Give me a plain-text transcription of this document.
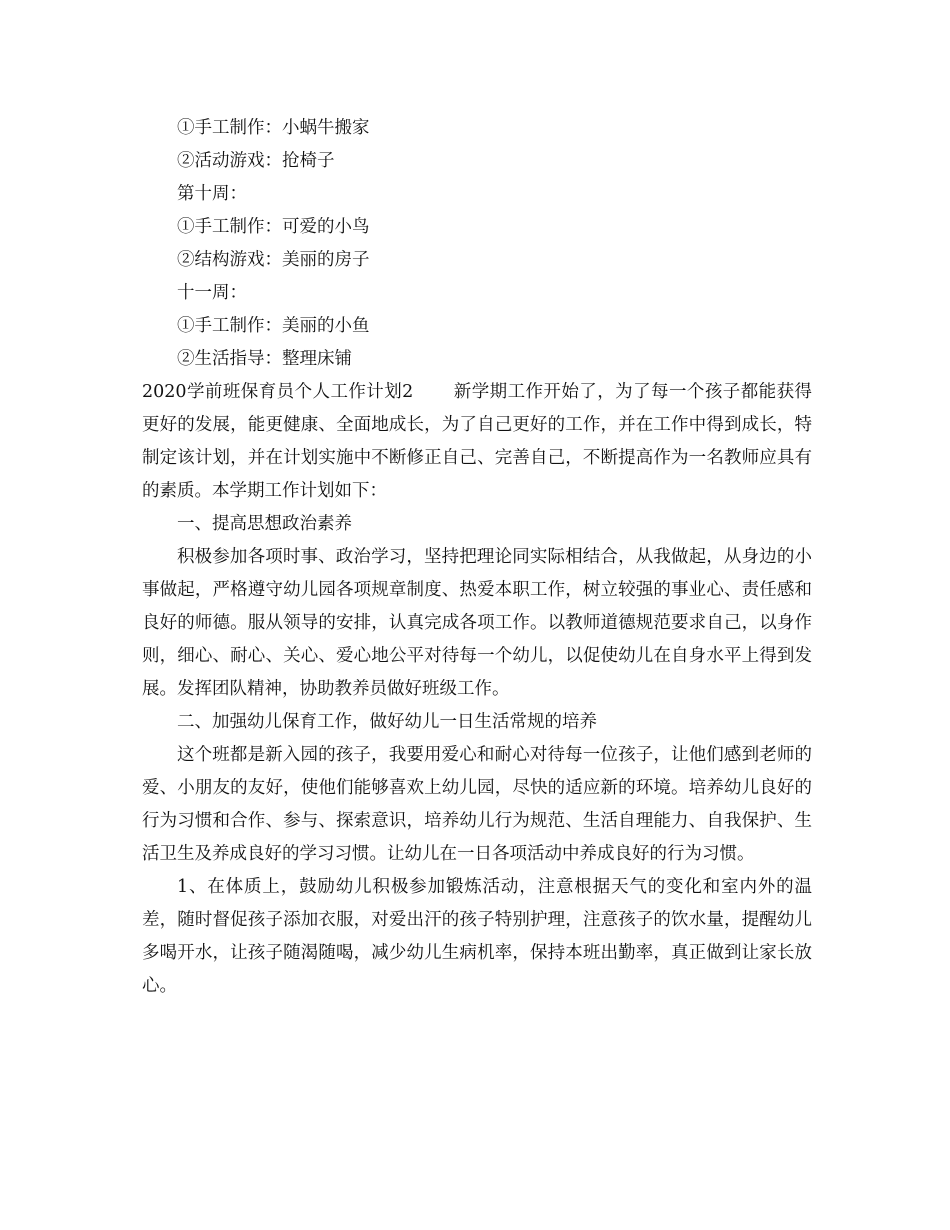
①手工制作：小蜗牛搬家

②活动游戏：抢椅子

第十周：

①手工制作：可爱的小鸟

②结构游戏：美丽的房子

十一周：

①手工制作：美丽的小鱼

②生活指导：整理床铺

2020学前班保育员个人工作计划2 新学期工作开始了，为了每一个孩子都能获得更好的发展，能更健康、全面地成长，为了自己更好的工作，并在工作中得到成长，特制定该计划，并在计划实施中不断修正自己、完善自己，不断提高作为一名教师应具有的素质。本学期工作计划如下：

一、提高思想政治素养

积极参加各项时事、政治学习，坚持把理论同实际相结合，从我做起，从身边的小事做起，严格遵守幼儿园各项规章制度、热爱本职工作，树立较强的事业心、责任感和良好的师德。服从领导的安排，认真完成各项工作。以教师道德规范要求自己，以身作则，细心、耐心、关心、爱心地公平对待每一个幼儿，以促使幼儿在自身水平上得到发展。发挥团队精神，协助教养员做好班级工作。

二、加强幼儿保育工作，做好幼儿一日生活常规的培养

这个班都是新入园的孩子，我要用爱心和耐心对待每一位孩子，让他们感到老师的爱、小朋友的友好，使他们能够喜欢上幼儿园，尽快的适应新的环境。培养幼儿良好的行为习惯和合作、参与、探索意识，培养幼儿行为规范、生活自理能力、自我保护、生活卫生及养成良好的学习习惯。让幼儿在一日各项活动中养成良好的行为习惯。

1、在体质上，鼓励幼儿积极参加锻炼活动，注意根据天气的变化和室内外的温差，随时督促孩子添加衣服，对爱出汗的孩子特别护理，注意孩子的饮水量，提醒幼儿多喝开水，让孩子随渴随喝，减少幼儿生病机率，保持本班出勤率，真正做到让家长放心。
